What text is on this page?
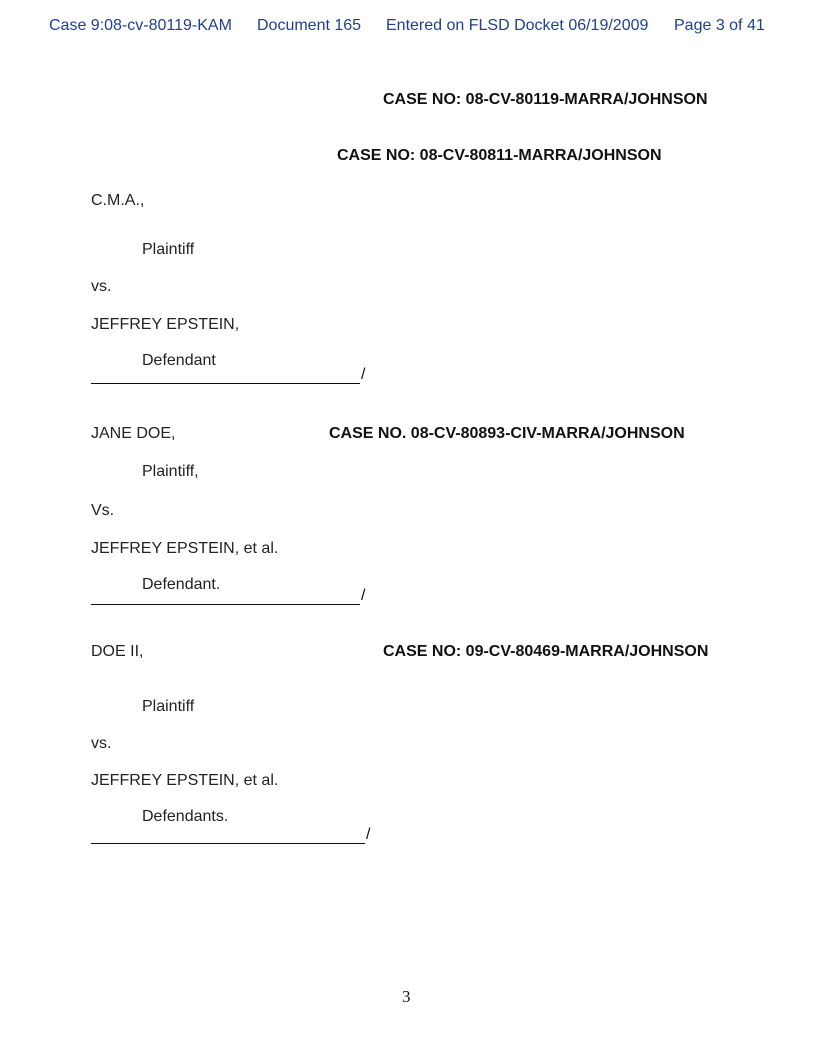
Case 9:08-cv-80119-KAM Document 165 Entered on FLSD Docket 06/19/2009 Page 3 of 41
CASE NO: 08-CV-80119-MARRA/JOHNSON
CASE NO: 08-CV-80811-MARRA/JOHNSON
C.M.A.,
Plaintiff
vs.
JEFFREY EPSTEIN,
Defendant
/
JANE DOE,	CASE NO. 08-CV-80893-CIV-MARRA/JOHNSON
Plaintiff,
Vs.
JEFFREY EPSTEIN, et al.
Defendant.
/
DOE II,	CASE NO: 09-CV-80469-MARRA/JOHNSON
Plaintiff
vs.
JEFFREY EPSTEIN, et al.
Defendants.
/
3
